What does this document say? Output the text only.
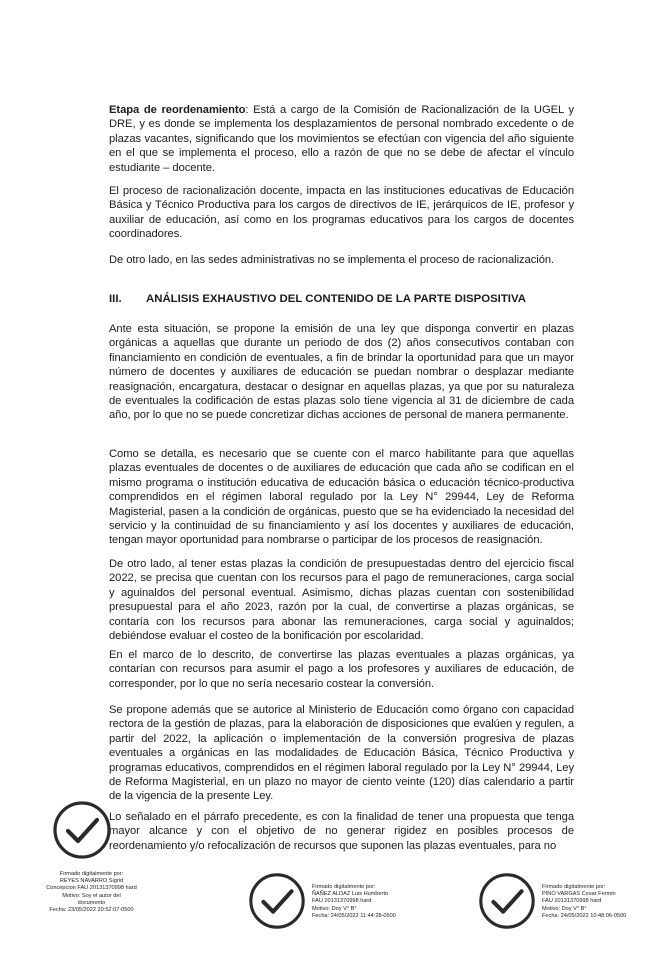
Etapa de reordenamiento: Está a cargo de la Comisión de Racionalización de la UGEL y DRE, y es donde se implementa los desplazamientos de personal nombrado excedente o de plazas vacantes, significando que los movimientos se efectúan con vigencia del año siguiente en el que se implementa el proceso, ello a razón de que no se debe de afectar el vínculo estudiante – docente.

El proceso de racionalización docente, impacta en las instituciones educativas de Educación Básica y Técnico Productiva para los cargos de directivos de IE, jerárquicos de IE, profesor y auxiliar de educación, así como en los programas educativos para los cargos de docentes coordinadores.

De otro lado, en las sedes administrativas no se implementa el proceso de racionalización.

III. ANÁLISIS EXHAUSTIVO DEL CONTENIDO DE LA PARTE DISPOSITIVA

Ante esta situación, se propone la emisión de una ley que disponga convertir en plazas orgánicas a aquellas que durante un periodo de dos (2) años consecutivos contaban con financiamiento en condición de eventuales, a fin de brindar la oportunidad para que un mayor número de docentes y auxiliares de educación se puedan nombrar o desplazar mediante reasignación, encargatura, destacar o designar en aquellas plazas, ya que por su naturaleza de eventuales la codificación de estas plazas solo tiene vigencia al 31 de diciembre de cada año, por lo que no se puede concretizar dichas acciones de personal de manera permanente.

Como se detalla, es necesario que se cuente con el marco habilitante para que aquellas plazas eventuales de docentes o de auxiliares de educación que cada año se codifican en el mismo programa o institución educativa de educación básica o educación técnico-productiva comprendidos en el régimen laboral regulado por la Ley N° 29944, Ley de Reforma Magisterial, pasen a la condición de orgánicas, puesto que se ha evidenciado la necesidad del servicio y la continuidad de su financiamiento y así los docentes y auxiliares de educación, tengan mayor oportunidad para nombrarse o participar de los procesos de reasignación.

De otro lado, al tener estas plazas la condición de presupuestadas dentro del ejercicio fiscal 2022, se precisa que cuentan con los recursos para el pago de remuneraciones, carga social y aguinaldos del personal eventual. Asimismo, dichas plazas cuentan con sostenibilidad presupuestal para el año 2023, razón por la cual, de convertirse a plazas orgánicas, se contaría con los recursos para abonar las remuneraciones, carga social y aguinaldos; debiéndose evaluar el costeo de la bonificación por escolaridad.

En el marco de lo descrito, de convertirse las plazas eventuales a plazas orgánicas, ya contarían con recursos para asumir el pago a los profesores y auxiliares de educación, de corresponder, por lo que no sería necesario costear la conversión.

Se propone además que se autorice al Ministerio de Educación como órgano con capacidad rectora de la gestión de plazas, para la elaboración de disposiciones que evalúen y regulen, a partir del 2022, la aplicación o implementación de la conversión progresiva de plazas eventuales a orgánicas en las modalidades de Educación Básica, Técnico Productiva y programas educativos, comprendidos en el régimen laboral regulado por la Ley N° 29944, Ley de Reforma Magisterial, en un plazo no mayor de ciento veinte (120) días calendario a partir de la vigencia de la presente Ley.

Lo señalado en el párrafo precedente, es con la finalidad de tener una propuesta que tenga mayor alcance y con el objetivo de no generar rigidez en posibles procesos de reordenamiento y/o refocalización de recursos que suponen las plazas eventuales, para no

Firmado digitalmente por:
REYES NAVARRO Sigrid
Concepcion FAU 20131370998 hard
Motivo: Soy el autor del
documento
Fecha: 23/05/2022 20:52:07-0500
Firmado digitalmente por:
ÑAÑEZ ALDAZ Luis Humberto
FAU 20131370998 hard
Motivo: Doy V° B°
Fecha: 24/05/2022 11:44:28-0500
Firmado digitalmente por:
PINO VARGAS Cesar Fermin
FAU 20131370998 hard
Motivo: Doy V° B°
Fecha: 24/05/2022 10:48:06-0500
